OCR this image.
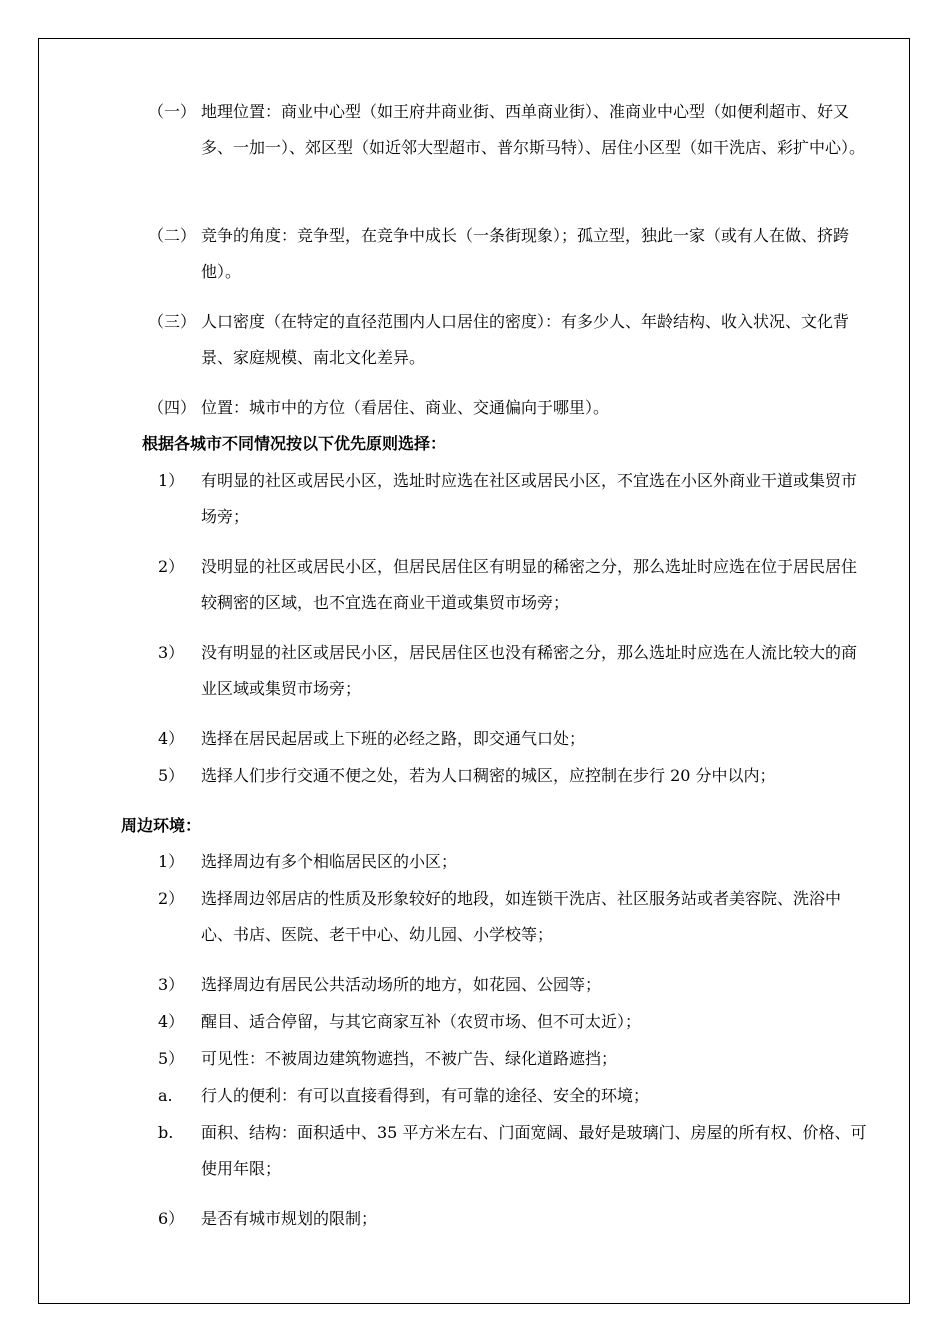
（一） 地理位置：商业中心型（如王府井商业街、西单商业街）、准商业中心型（如便利超市、好又多、一加一）、郊区型（如近邻大型超市、普尔斯马特）、居住小区型（如干洗店、彩扩中心）。
（二） 竞争的角度：竞争型，在竞争中成长（一条街现象）；孤立型，独此一家（或有人在做、挤跨他）。
（三） 人口密度（在特定的直径范围内人口居住的密度）：有多少人、年龄结构、收入状况、文化背景、家庭规模、南北文化差异。
（四） 位置：城市中的方位（看居住、商业、交通偏向于哪里）。
根据各城市不同情况按以下优先原则选择：
1） 有明显的社区或居民小区，选址时应选在社区或居民小区，不宜选在小区外商业干道或集贸市场旁；
2） 没明显的社区或居民小区，但居民居住区有明显的稀密之分，那么选址时应选在位于居民居住较稠密的区域，也不宜选在商业干道或集贸市场旁；
3） 没有明显的社区或居民小区，居民居住区也没有稀密之分，那么选址时应选在人流比较大的商业区域或集贸市场旁；
4） 选择在居民起居或上下班的必经之路，即交通气口处；
5） 选择人们步行交通不便之处，若为人口稠密的城区，应控制在步行 20 分中以内；
周边环境：
1） 选择周边有多个相临居民区的小区；
2） 选择周边邻居店的性质及形象较好的地段，如连锁干洗店、社区服务站或者美容院、洗浴中心、书店、医院、老干中心、幼儿园、小学校等；
3） 选择周边有居民公共活动场所的地方，如花园、公园等；
4） 醒目、适合停留，与其它商家互补（农贸市场、但不可太近）；
5） 可见性：不被周边建筑物遮挡，不被广告、绿化道路遮挡；
a. 行人的便利：有可以直接看得到，有可靠的途径、安全的环境；
b. 面积、结构：面积适中、35 平方米左右、门面宽阔、最好是玻璃门、房屋的所有权、价格、可使用年限；
6） 是否有城市规划的限制；
